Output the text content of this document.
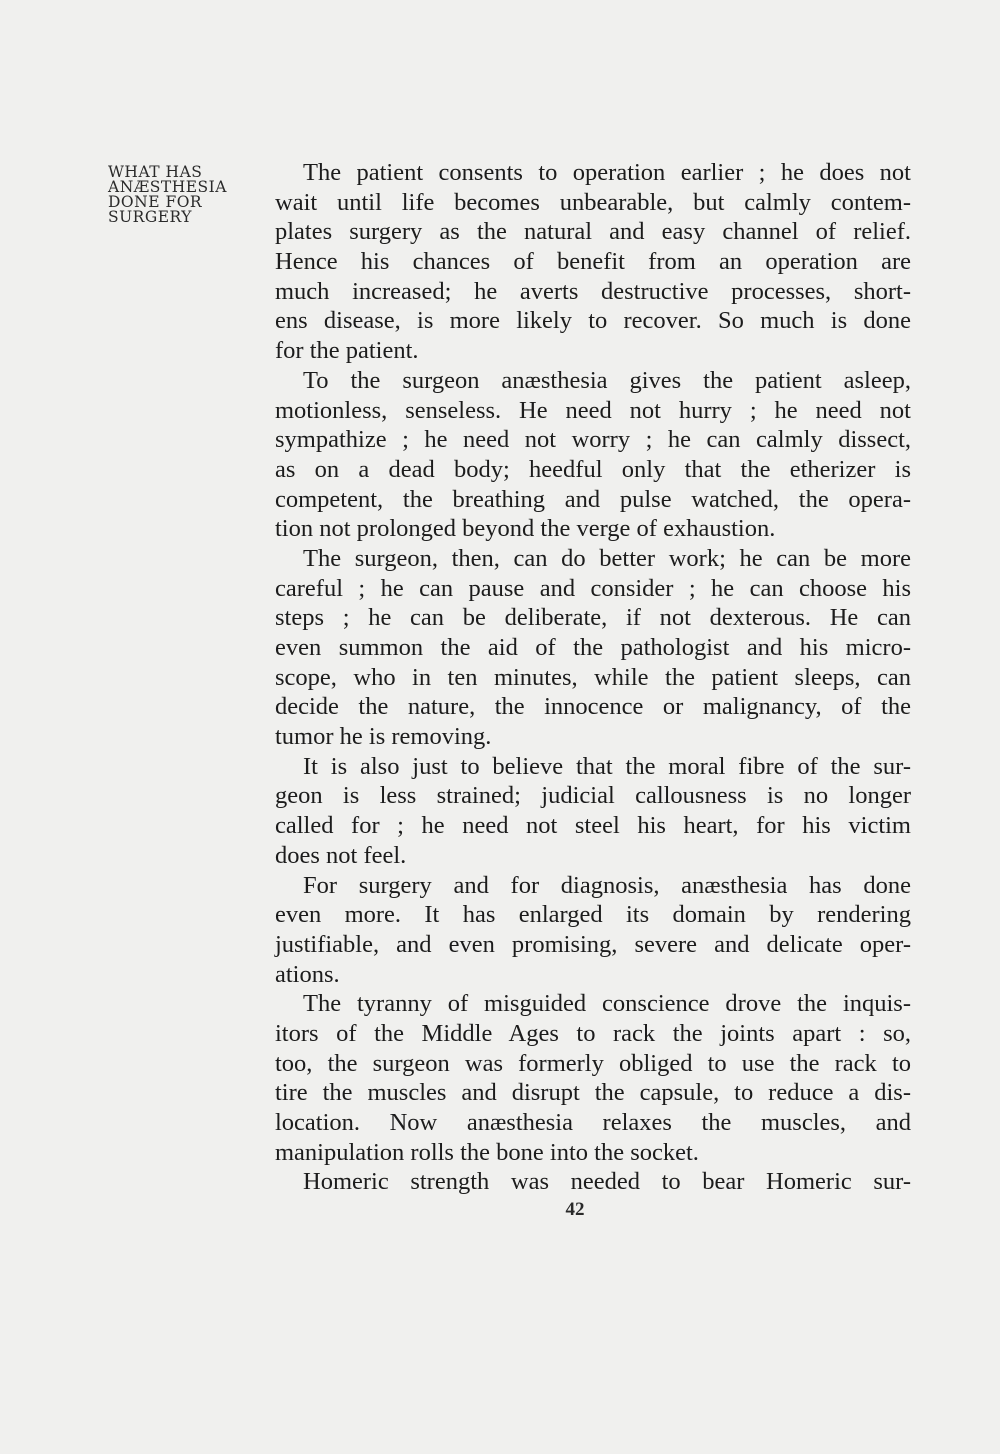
WHAT HAS
ANÆSTHESIA
DONE FOR
SURGERY
The patient consents to operation earlier ; he does not
wait until life becomes unbearable, but calmly contem-
plates surgery as the natural and easy channel of relief.
Hence his chances of benefit from an operation are
much increased; he averts destructive processes, short-
ens disease, is more likely to recover. So much is done
for the patient.
To the surgeon anæsthesia gives the patient asleep,
motionless, senseless. He need not hurry ; he need not
sympathize ; he need not worry ; he can calmly dissect,
as on a dead body; heedful only that the etherizer is
competent, the breathing and pulse watched, the opera-
tion not prolonged beyond the verge of exhaustion.
The surgeon, then, can do better work; he can be more
careful ; he can pause and consider ; he can choose his
steps ; he can be deliberate, if not dexterous. He can
even summon the aid of the pathologist and his micro-
scope, who in ten minutes, while the patient sleeps, can
decide the nature, the innocence or malignancy, of the
tumor he is removing.
It is also just to believe that the moral fibre of the sur-
geon is less strained; judicial callousness is no longer
called for ; he need not steel his heart, for his victim
does not feel.
For surgery and for diagnosis, anæsthesia has done
even more. It has enlarged its domain by rendering
justifiable, and even promising, severe and delicate oper-
ations.
The tyranny of misguided conscience drove the inquis-
itors of the Middle Ages to rack the joints apart : so,
too, the surgeon was formerly obliged to use the rack to
tire the muscles and disrupt the capsule, to reduce a dis-
location. Now anæsthesia relaxes the muscles, and
manipulation rolls the bone into the socket.
Homeric strength was needed to bear Homeric sur-
42
